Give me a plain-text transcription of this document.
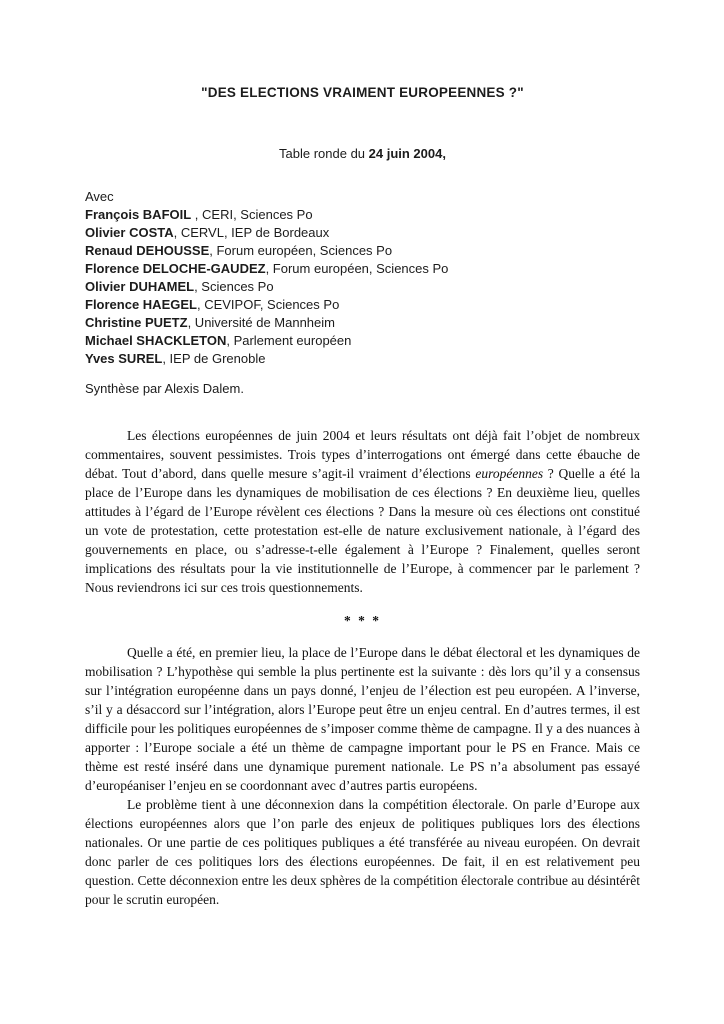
"DES ELECTIONS VRAIMENT EUROPEENNES ?"
Table ronde du 24 juin 2004,
Avec
François BAFOIL , CERI, Sciences Po
Olivier COSTA, CERVL, IEP de Bordeaux
Renaud DEHOUSSE, Forum européen, Sciences Po
Florence DELOCHE-GAUDEZ, Forum européen, Sciences Po
Olivier DUHAMEL, Sciences Po
Florence HAEGEL, CEVIPOF, Sciences Po
Christine PUETZ, Université de Mannheim
Michael SHACKLETON, Parlement européen
Yves SUREL, IEP de Grenoble
Synthèse par Alexis Dalem.

Les élections européennes de juin 2004 et leurs résultats ont déjà fait l’objet de nombreux commentaires, souvent pessimistes. Trois types d’interrogations ont émergé dans cette ébauche de débat. Tout d’abord, dans quelle mesure s’agit-il vraiment d’élections européennes ? Quelle a été la place de l’Europe dans les dynamiques de mobilisation de ces élections ? En deuxième lieu, quelles attitudes à l’égard de l’Europe révèlent ces élections ? Dans la mesure où ces élections ont constitué un vote de protestation, cette protestation est-elle de nature exclusivement nationale, à l’égard des gouvernements en place, ou s’adresse-t-elle également à l’Europe ? Finalement, quelles seront implications des résultats pour la vie institutionnelle de l’Europe, à commencer par le parlement ? Nous reviendrons ici sur ces trois questionnements.

* * *

Quelle a été, en premier lieu, la place de l’Europe dans le débat électoral et les dynamiques de mobilisation ? L’hypothèse qui semble la plus pertinente est la suivante : dès lors qu’il y a consensus sur l’intégration européenne dans un pays donné, l’enjeu de l’élection est peu européen. A l’inverse, s’il y a désaccord sur l’intégration, alors l’Europe peut être un enjeu central. En d’autres termes, il est difficile pour les politiques européennes de s’imposer comme thème de campagne. Il y a des nuances à apporter : l’Europe sociale a été un thème de campagne important pour le PS en France. Mais ce thème est resté inséré dans une dynamique purement nationale. Le PS n’a absolument pas essayé d’européaniser l’enjeu en se coordonnant avec d’autres partis européens.

Le problème tient à une déconnexion dans la compétition électorale. On parle d’Europe aux élections européennes alors que l’on parle des enjeux de politiques publiques lors des élections nationales. Or une partie de ces politiques publiques a été transférée au niveau européen. On devrait donc parler de ces politiques lors des élections européennes. De fait, il en est relativement peu question. Cette déconnexion entre les deux sphères de la compétition électorale contribue au désintérêt pour le scrutin européen.
